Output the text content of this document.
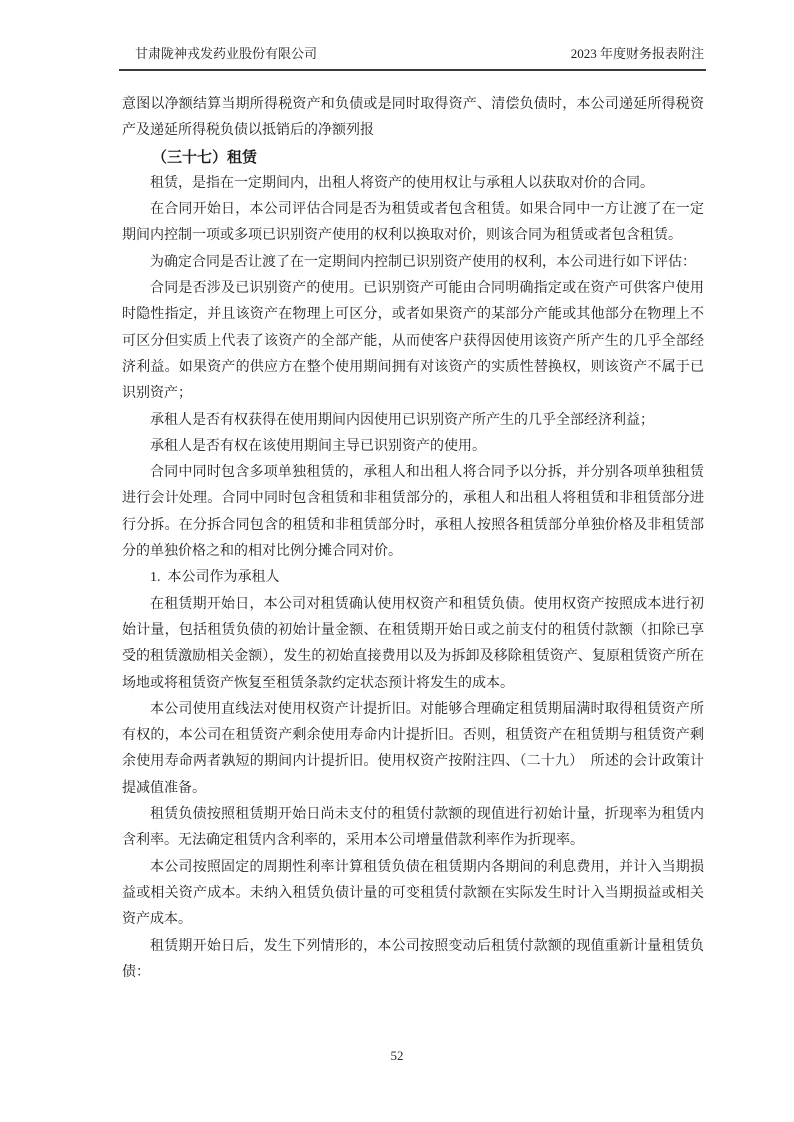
甘肃陇神戎发药业股份有限公司	2023 年度财务报表附注

意图以净额结算当期所得税资产和负债或是同时取得资产、清偿负债时，本公司递延所得税资产及递延所得税负债以抵销后的净额列报

（三十七）租赁

租赁，是指在一定期间内，出租人将资产的使用权让与承租人以获取对价的合同。

在合同开始日，本公司评估合同是否为租赁或者包含租赁。如果合同中一方让渡了在一定期间内控制一项或多项已识别资产使用的权利以换取对价，则该合同为租赁或者包含租赁。

为确定合同是否让渡了在一定期间内控制已识别资产使用的权利，本公司进行如下评估：

合同是否涉及已识别资产的使用。已识别资产可能由合同明确指定或在资产可供客户使用时隐性指定，并且该资产在物理上可区分，或者如果资产的某部分产能或其他部分在物理上不可区分但实质上代表了该资产的全部产能，从而使客户获得因使用该资产所产生的几乎全部经济利益。如果资产的供应方在整个使用期间拥有对该资产的实质性替换权，则该资产不属于已识别资产；

承租人是否有权获得在使用期间内因使用已识别资产所产生的几乎全部经济利益；

承租人是否有权在该使用期间主导已识别资产的使用。

合同中同时包含多项单独租赁的，承租人和出租人将合同予以分拆，并分别各项单独租赁进行会计处理。合同中同时包含租赁和非租赁部分的，承租人和出租人将租赁和非租赁部分进行分拆。在分拆合同包含的租赁和非租赁部分时，承租人按照各租赁部分单独价格及非租赁部分的单独价格之和的相对比例分摊合同对价。

1.  本公司作为承租人

在租赁期开始日，本公司对租赁确认使用权资产和租赁负债。使用权资产按照成本进行初始计量，包括租赁负债的初始计量金额、在租赁期开始日或之前支付的租赁付款额（扣除已享受的租赁激励相关金额），发生的初始直接费用以及为拆卸及移除租赁资产、复原租赁资产所在场地或将租赁资产恢复至租赁条款约定状态预计将发生的成本。

本公司使用直线法对使用权资产计提折旧。对能够合理确定租赁期届满时取得租赁资产所有权的，本公司在租赁资产剩余使用寿命内计提折旧。否则，租赁资产在租赁期与租赁资产剩余使用寿命两者孰短的期间内计提折旧。使用权资产按附注四、（二十九）　所述的会计政策计提减值准备。

租赁负债按照租赁期开始日尚未支付的租赁付款额的现值进行初始计量，折现率为租赁内含利率。无法确定租赁内含利率的，采用本公司增量借款利率作为折现率。

本公司按照固定的周期性利率计算租赁负债在租赁期内各期间的利息费用，并计入当期损益或相关资产成本。未纳入租赁负债计量的可变租赁付款额在实际发生时计入当期损益或相关资产成本。

租赁期开始日后，发生下列情形的，本公司按照变动后租赁付款额的现值重新计量租赁负债：

52
